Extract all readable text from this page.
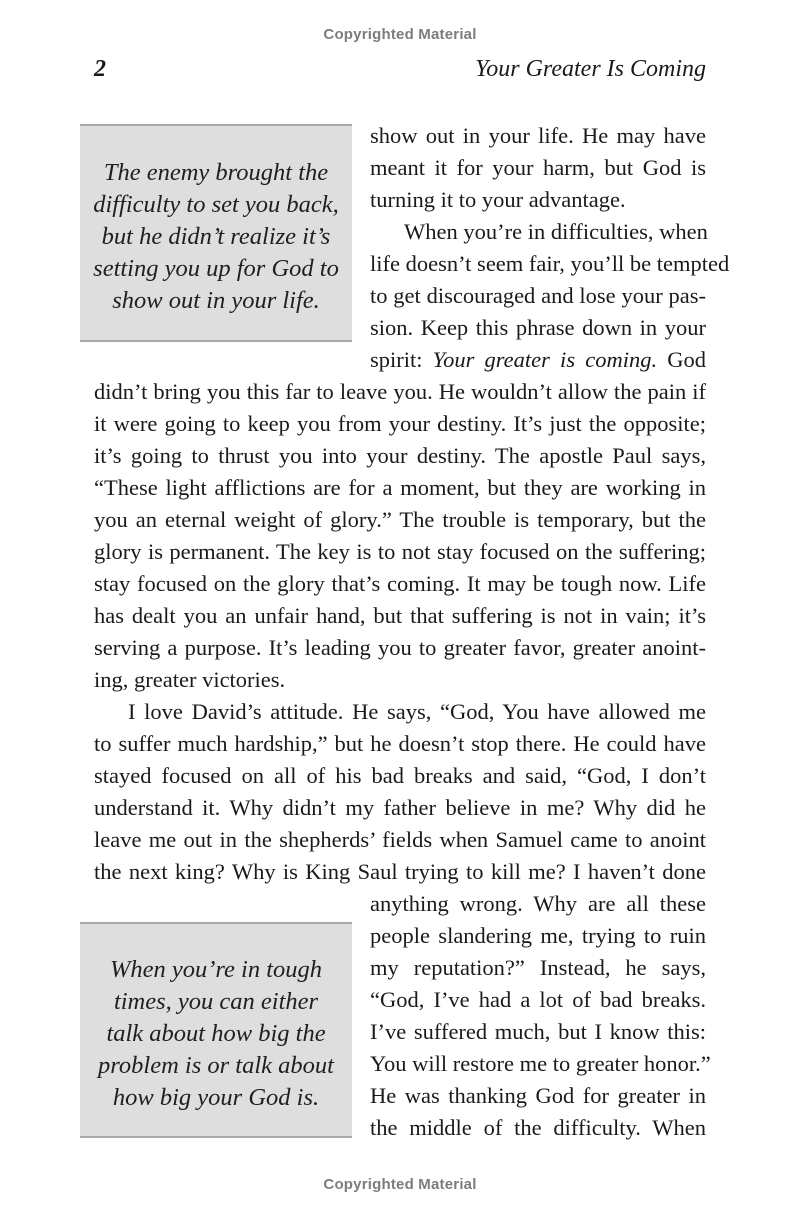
Copyrighted Material
2	Your Greater Is Coming
The enemy brought the
difficulty to set you back,
but he didn’t realize it’s
setting you up for God to
show out in your life.
When you’re in tough
times, you can either
talk about how big the
problem is or talk about
how big your God is.
show out in your life. He may have
meant it for your harm, but God is
turning it to your advantage.
When you’re in difficulties, when
life doesn’t seem fair, you’ll be tempted
to get discouraged and lose your pas-
sion. Keep this phrase down in your
spirit: Your greater is coming. God
didn’t bring you this far to leave you. He wouldn’t allow the pain if
it were going to keep you from your destiny. It’s just the opposite;
it’s going to thrust you into your destiny. The apostle Paul says,
“These light afflictions are for a moment, but they are working in
you an eternal weight of glory.” The trouble is temporary, but the
glory is permanent. The key is to not stay focused on the suffering;
stay focused on the glory that’s coming. It may be tough now. Life
has dealt you an unfair hand, but that suffering is not in vain; it’s
serving a purpose. It’s leading you to greater favor, greater anoint-
ing, greater victories.
I love David’s attitude. He says, “God, You have allowed me
to suffer much hardship,” but he doesn’t stop there. He could have
stayed focused on all of his bad breaks and said, “God, I don’t
understand it. Why didn’t my father believe in me? Why did he
leave me out in the shepherds’ fields when Samuel came to anoint
the next king? Why is King Saul trying to kill me? I haven’t done
anything wrong. Why are all these
people slandering me, trying to ruin
my reputation?” Instead, he says,
“God, I’ve had a lot of bad breaks.
I’ve suffered much, but I know this:
You will restore me to greater honor.”
He was thanking God for greater in
the middle of the difficulty. When
Copyrighted Material
